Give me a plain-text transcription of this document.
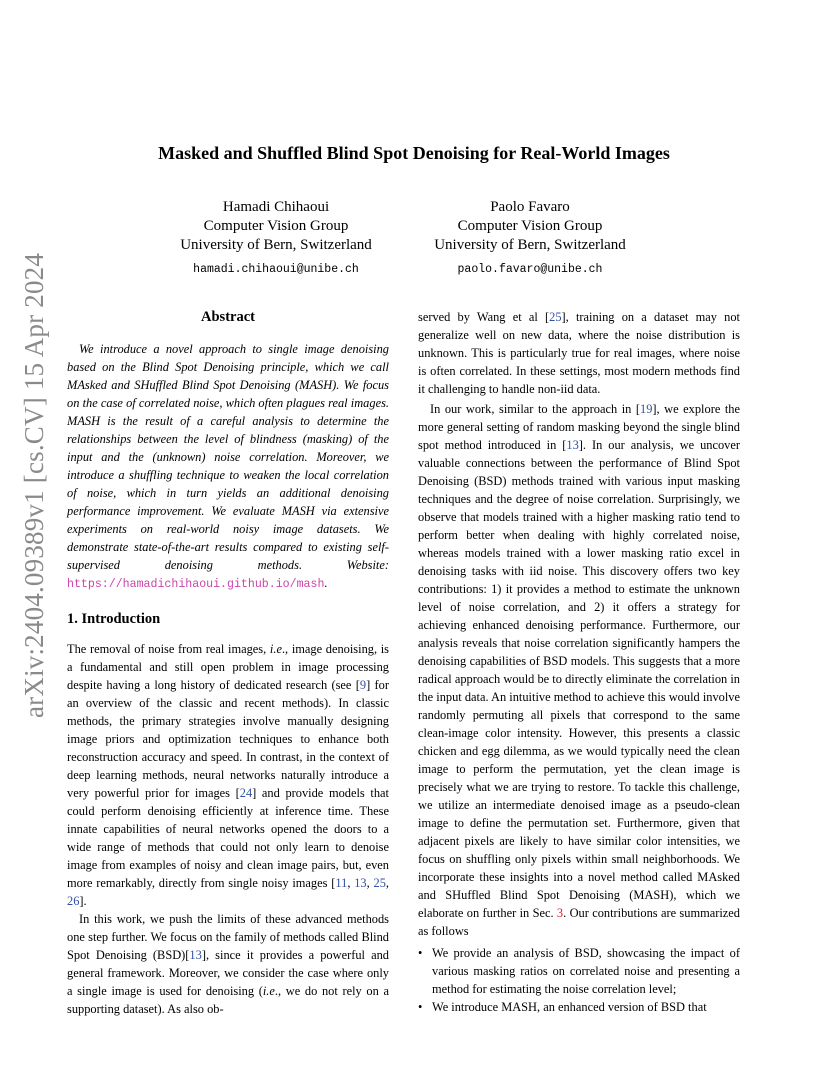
arXiv:2404.09389v1 [cs.CV] 15 Apr 2024
Masked and Shuffled Blind Spot Denoising for Real-World Images
Hamadi Chihaoui
Computer Vision Group
University of Bern, Switzerland
hamadi.chihaoui@unibe.ch
Paolo Favaro
Computer Vision Group
University of Bern, Switzerland
paolo.favaro@unibe.ch
Abstract

We introduce a novel approach to single image denoising based on the Blind Spot Denoising principle, which we call MAsked and SHuffled Blind Spot Denoising (MASH). We focus on the case of correlated noise, which often plagues real images. MASH is the result of a careful analysis to determine the relationships between the level of blindness (masking) of the input and the (unknown) noise correlation. Moreover, we introduce a shuffling technique to weaken the local correlation of noise, which in turn yields an additional denoising performance improvement. We evaluate MASH via extensive experiments on real-world noisy image datasets. We demonstrate state-of-the-art results compared to existing self-supervised denoising methods. Website: https://hamadichihaoui.github.io/mash.

1. Introduction

The removal of noise from real images, i.e., image denoising, is a fundamental and still open problem in image processing despite having a long history of dedicated research (see [9] for an overview of the classic and recent methods). In classic methods, the primary strategies involve manually designing image priors and optimization techniques to enhance both reconstruction accuracy and speed. In contrast, in the context of deep learning methods, neural networks naturally introduce a very powerful prior for images [24] and provide models that could perform denoising efficiently at inference time. These innate capabilities of neural networks opened the doors to a wide range of methods that could not only learn to denoise image from examples of noisy and clean image pairs, but, even more remarkably, directly from single noisy images [11, 13, 25, 26].

In this work, we push the limits of these advanced methods one step further. We focus on the family of methods called Blind Spot Denoising (BSD)[13], since it provides a powerful and general framework. Moreover, we consider the case where only a single image is used for denoising (i.e., we do not rely on a supporting dataset). As also ob-

served by Wang et al [25], training on a dataset may not generalize well on new data, where the noise distribution is unknown. This is particularly true for real images, where noise is often correlated. In these settings, most modern methods find it challenging to handle non-iid data.

In our work, similar to the approach in [19], we explore the more general setting of random masking beyond the single blind spot method introduced in [13]. In our analysis, we uncover valuable connections between the performance of Blind Spot Denoising (BSD) methods trained with various input masking techniques and the degree of noise correlation. Surprisingly, we observe that models trained with a higher masking ratio tend to perform better when dealing with highly correlated noise, whereas models trained with a lower masking ratio excel in denoising tasks with iid noise. This discovery offers two key contributions: 1) it provides a method to estimate the unknown level of noise correlation, and 2) it offers a strategy for achieving enhanced denoising performance. Furthermore, our analysis reveals that noise correlation significantly hampers the denoising capabilities of BSD models. This suggests that a more radical approach would be to directly eliminate the correlation in the input data. An intuitive method to achieve this would involve randomly permuting all pixels that correspond to the same clean-image color intensity. However, this presents a classic chicken and egg dilemma, as we would typically need the clean image to perform the permutation, yet the clean image is precisely what we are trying to restore. To tackle this challenge, we utilize an intermediate denoised image as a pseudo-clean image to define the permutation set. Furthermore, given that adjacent pixels are likely to have similar color intensities, we focus on shuffling only pixels within small neighborhoods. We incorporate these insights into a novel method called MAsked and SHuffled Blind Spot Denoising (MASH), which we elaborate on further in Sec. 3. Our contributions are summarized as follows

• We provide an analysis of BSD, showcasing the impact of various masking ratios on correlated noise and presenting a method for estimating the noise correlation level;
• We introduce MASH, an enhanced version of BSD that
